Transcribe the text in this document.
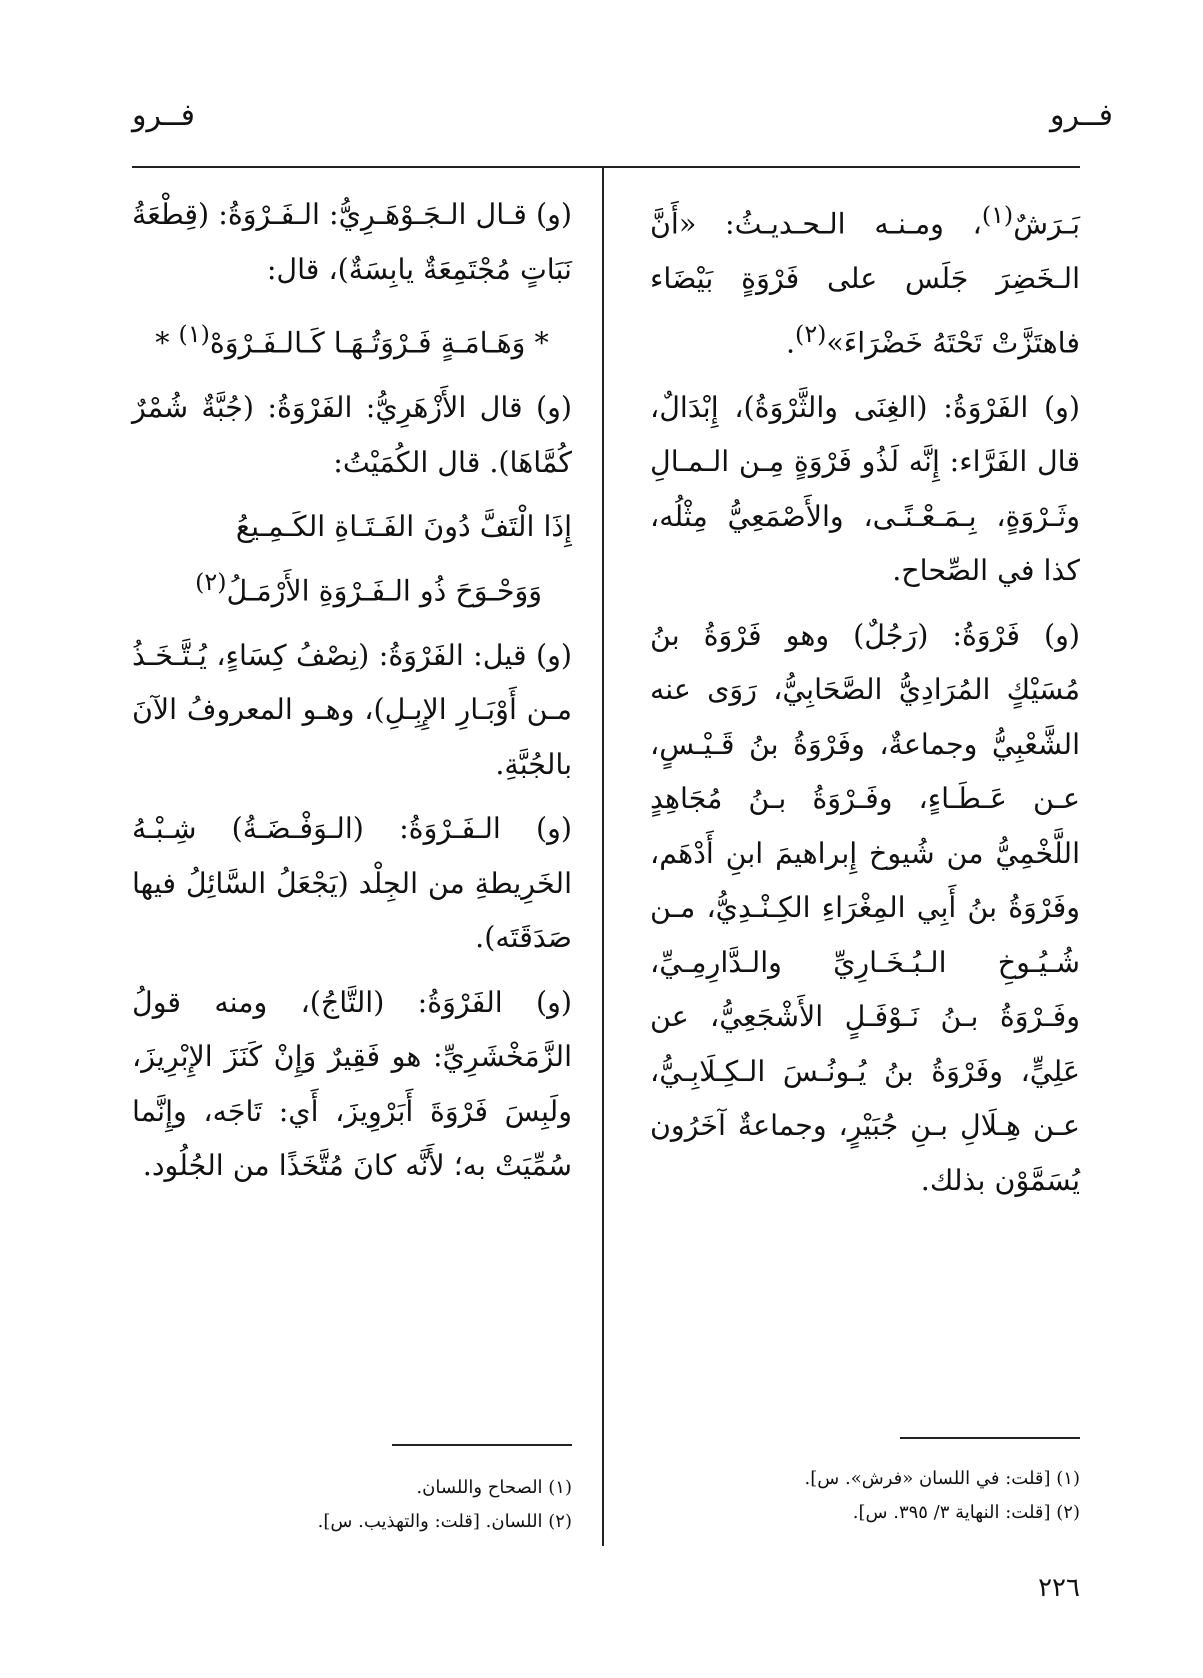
فــرو
فــرو

بَـرَشٌ$^{(١)}$، ومـنـه الـحـديـثُ: «أَنَّ الـخَضِرَ جَلَس على فَرْوَةٍ بَيْضَاء فاهتَزَّتْ تَحْتَهُ خَضْرَاءَ»$^{(٢)}$.

(و) الفَرْوَةُ: (الغِنَى والثَّرْوَةُ)، إِبْدَالٌ، قال الفَرَّاء: إِنَّه لَذُو فَرْوَةٍ مِـن الـمـالِ وثَـرْوَةٍ، بِـمَـعْـنًـى، والأَصْمَعِيُّ مِثْلُه، كذا في الصِّحاح.

(و) فَرْوَةُ: (رَجُلٌ) وهو فَرْوَةُ بنُ مُسَيْكٍ المُرَادِيُّ الصَّحَابِيُّ، رَوَى عنه الشَّعْبِيُّ وجماعةٌ، وفَرْوَةُ بنُ قَـيْـسٍ، عـن عَـطَـاءٍ، وفَـرْوَةُ بـنُ مُجَاهِدٍ اللَّخْمِيُّ من شُيوخ إِبراهيمَ ابنِ أَدْهَم، وفَرْوَةُ بنُ أَبِي المِغْرَاءِ الكِـنْـدِيُّ، مـن شُـيُـوخِ الـبُـخَـارِيِّ والـدَّارِمِـيِّ، وفَـرْوَةُ بـنُ نَـوْفَـلٍ الأَشْجَعِيُّ، عن عَلِيٍّ، وفَرْوَةُ بنُ يُـونُـسَ الـكِـلَابِـيُّ، عـن هِـلَالِ بـنِ جُبَيْرٍ، وجماعةٌ آخَرُون يُسَمَّوْن بذلك.

(و) قـال الـجَـوْهَـرِيُّ: الـفَـرْوَةُ: (قِطْعَةُ نَبَاتٍ مُجْتَمِعَةٌ يابِسَةٌ)، قال:

* وَهَـامَـةٍ فَـرْوَتُـهَـا كَـالـفَـرْوَهْ$^{(١)}$ *

(و) قال الأَزْهَرِيُّ: الفَرْوَةُ: (جُبَّةٌ شُمْرٌ كُمَّاهَا). قال الكُمَيْتُ:

إِذَا الْتَفَّ دُونَ الفَـتَـاةِ الكَـمِـيعُ
وَوَحْـوَحَ ذُو الـفَـرْوَةِ الأَرْمَـلُ$^{(٢)}$

(و) قيل: الفَرْوَةُ: (نِصْفُ كِسَاءٍ، يُـتَّـخَـذُ مـن أَوْبَـارِ الإِبِـلِ)، وهـو المعروفُ الآنَ بالجُبَّةِ.

(و) الـفَـرْوَةُ: (الـوَفْـضَـةُ) شِـبْـهُ الخَرِيطةِ من الجِلْد (يَجْعَلُ السَّائِلُ فيها صَدَقَتَه).

(و) الفَرْوَةُ: (التَّاجُ)، ومنه قولُ الزَّمَخْشَرِيِّ: هو فَقِيرٌ وَإِنْ كَنَزَ الإِبْرِيزَ، ولَبِسَ فَرْوَةَ أَبَرْوِيزَ، أَي: تَاجَه، وإِنَّما سُمِّيَتْ به؛ لأَنَّه كانَ مُتَّخَذًا من الجُلُود.

(١) [قلت: في اللسان «فرش». س].
(٢) [قلت: النهاية ٣/ ٣٩٥. س].
(١) الصحاح واللسان.
(٢) اللسان. [قلت: والتهذيب. س].
٢٢٦
